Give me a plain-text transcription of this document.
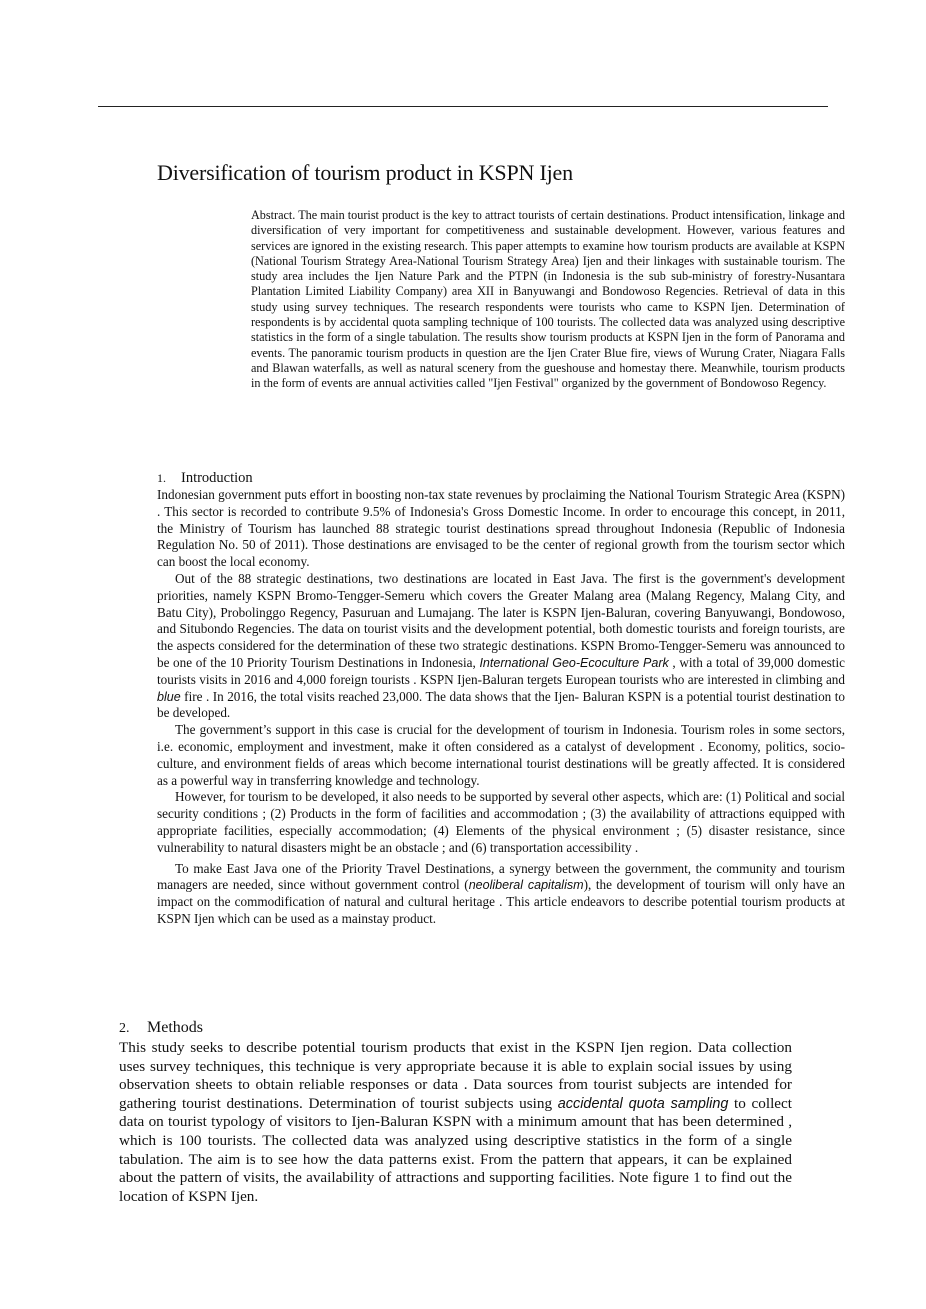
Diversification of tourism product in KSPN Ijen

Abstract. The main tourist product is the key to attract tourists of certain destinations. Product intensification, linkage and diversification of very important for competitiveness and sustainable development. However, various features and services are ignored in the existing research. This paper attempts to examine how tourism products are available at KSPN (National Tourism Strategy Area-National Tourism Strategy Area) Ijen and their linkages with sustainable tourism. The study area includes the Ijen Nature Park and the PTPN (in Indonesia is the sub sub-ministry of forestry-Nusantara Plantation Limited Liability Company) area XII in Banyuwangi and Bondowoso Regencies. Retrieval of data in this study using survey techniques. The research respondents were tourists who came to KSPN Ijen. Determination of respondents is by accidental quota sampling technique of 100 tourists. The collected data was analyzed using descriptive statistics in the form of a single tabulation. The results show tourism products at KSPN Ijen in the form of Panorama and events. The panoramic tourism products in question are the Ijen Crater Blue fire, views of Wurung Crater, Niagara Falls and Blawan waterfalls, as well as natural scenery from the gueshouse and homestay there. Meanwhile, tourism products in the form of events are annual activities called "Ijen Festival" organized by the government of Bondowoso Regency.

1. Introduction

Indonesian government puts effort in boosting non-tax state revenues by proclaiming the National Tourism Strategic Area (KSPN) . This sector is recorded to contribute 9.5% of Indonesia's Gross Domestic Income. In order to encourage this concept, in 2011, the Ministry of Tourism has launched 88 strategic tourist destinations spread throughout Indonesia (Republic of Indonesia Regulation No. 50 of 2011). Those destinations are envisaged to be the center of regional growth from the tourism sector which can boost the local economy.

Out of the 88 strategic destinations, two destinations are located in East Java. The first is the government's development priorities, namely KSPN Bromo-Tengger-Semeru which covers the Greater Malang area (Malang Regency, Malang City, and Batu City), Probolinggo Regency, Pasuruan and Lumajang. The later is KSPN Ijen-Baluran, covering Banyuwangi, Bondowoso, and Situbondo Regencies. The data on tourist visits and the development potential, both domestic tourists and foreign tourists, are the aspects considered for the determination of these two strategic destinations. KSPN Bromo-Tengger-Semeru was announced to be one of the 10 Priority Tourism Destinations in Indonesia, International Geo-Ecoculture Park , with a total of 39,000 domestic tourists visits in 2016 and 4,000 foreign tourists . KSPN Ijen-Baluran tergets European tourists who are interested in climbing and blue fire . In 2016, the total visits reached 23,000. The data shows that the Ijen- Baluran KSPN is a potential tourist destination to be developed.

The government’s support in this case is crucial for the development of tourism in Indonesia. Tourism roles in some sectors, i.e. economic, employment and investment, make it often considered as a catalyst of development . Economy, politics, socio-culture, and environment fields of areas which become international tourist destinations will be greatly affected. It is considered as a powerful way in transferring knowledge and technology.

However, for tourism to be developed, it also needs to be supported by several other aspects, which are: (1) Political and social security conditions ; (2) Products in the form of facilities and accommodation ; (3) the availability of attractions equipped with appropriate facilities, especially accommodation; (4) Elements of the physical environment ; (5) disaster resistance, since vulnerability to natural disasters might be an obstacle ; and (6) transportation accessibility .

To make East Java one of the Priority Travel Destinations, a synergy between the government, the community and tourism managers are needed, since without government control (neoliberal capitalism), the development of tourism will only have an impact on the commodification of natural and cultural heritage . This article endeavors to describe potential tourism products at KSPN Ijen which can be used as a mainstay product.

2. Methods

This study seeks to describe potential tourism products that exist in the KSPN Ijen region. Data collection uses survey techniques, this technique is very appropriate because it is able to explain social issues by using observation sheets to obtain reliable responses or data . Data sources from tourist subjects are intended for gathering tourist destinations. Determination of tourist subjects using accidental quota sampling to collect data on tourist typology of visitors to Ijen-Baluran KSPN with a minimum amount that has been determined , which is 100 tourists. The collected data was analyzed using descriptive statistics in the form of a single tabulation. The aim is to see how the data patterns exist. From the pattern that appears, it can be explained about the pattern of visits, the availability of attractions and supporting facilities. Note figure 1 to find out the location of KSPN Ijen.
